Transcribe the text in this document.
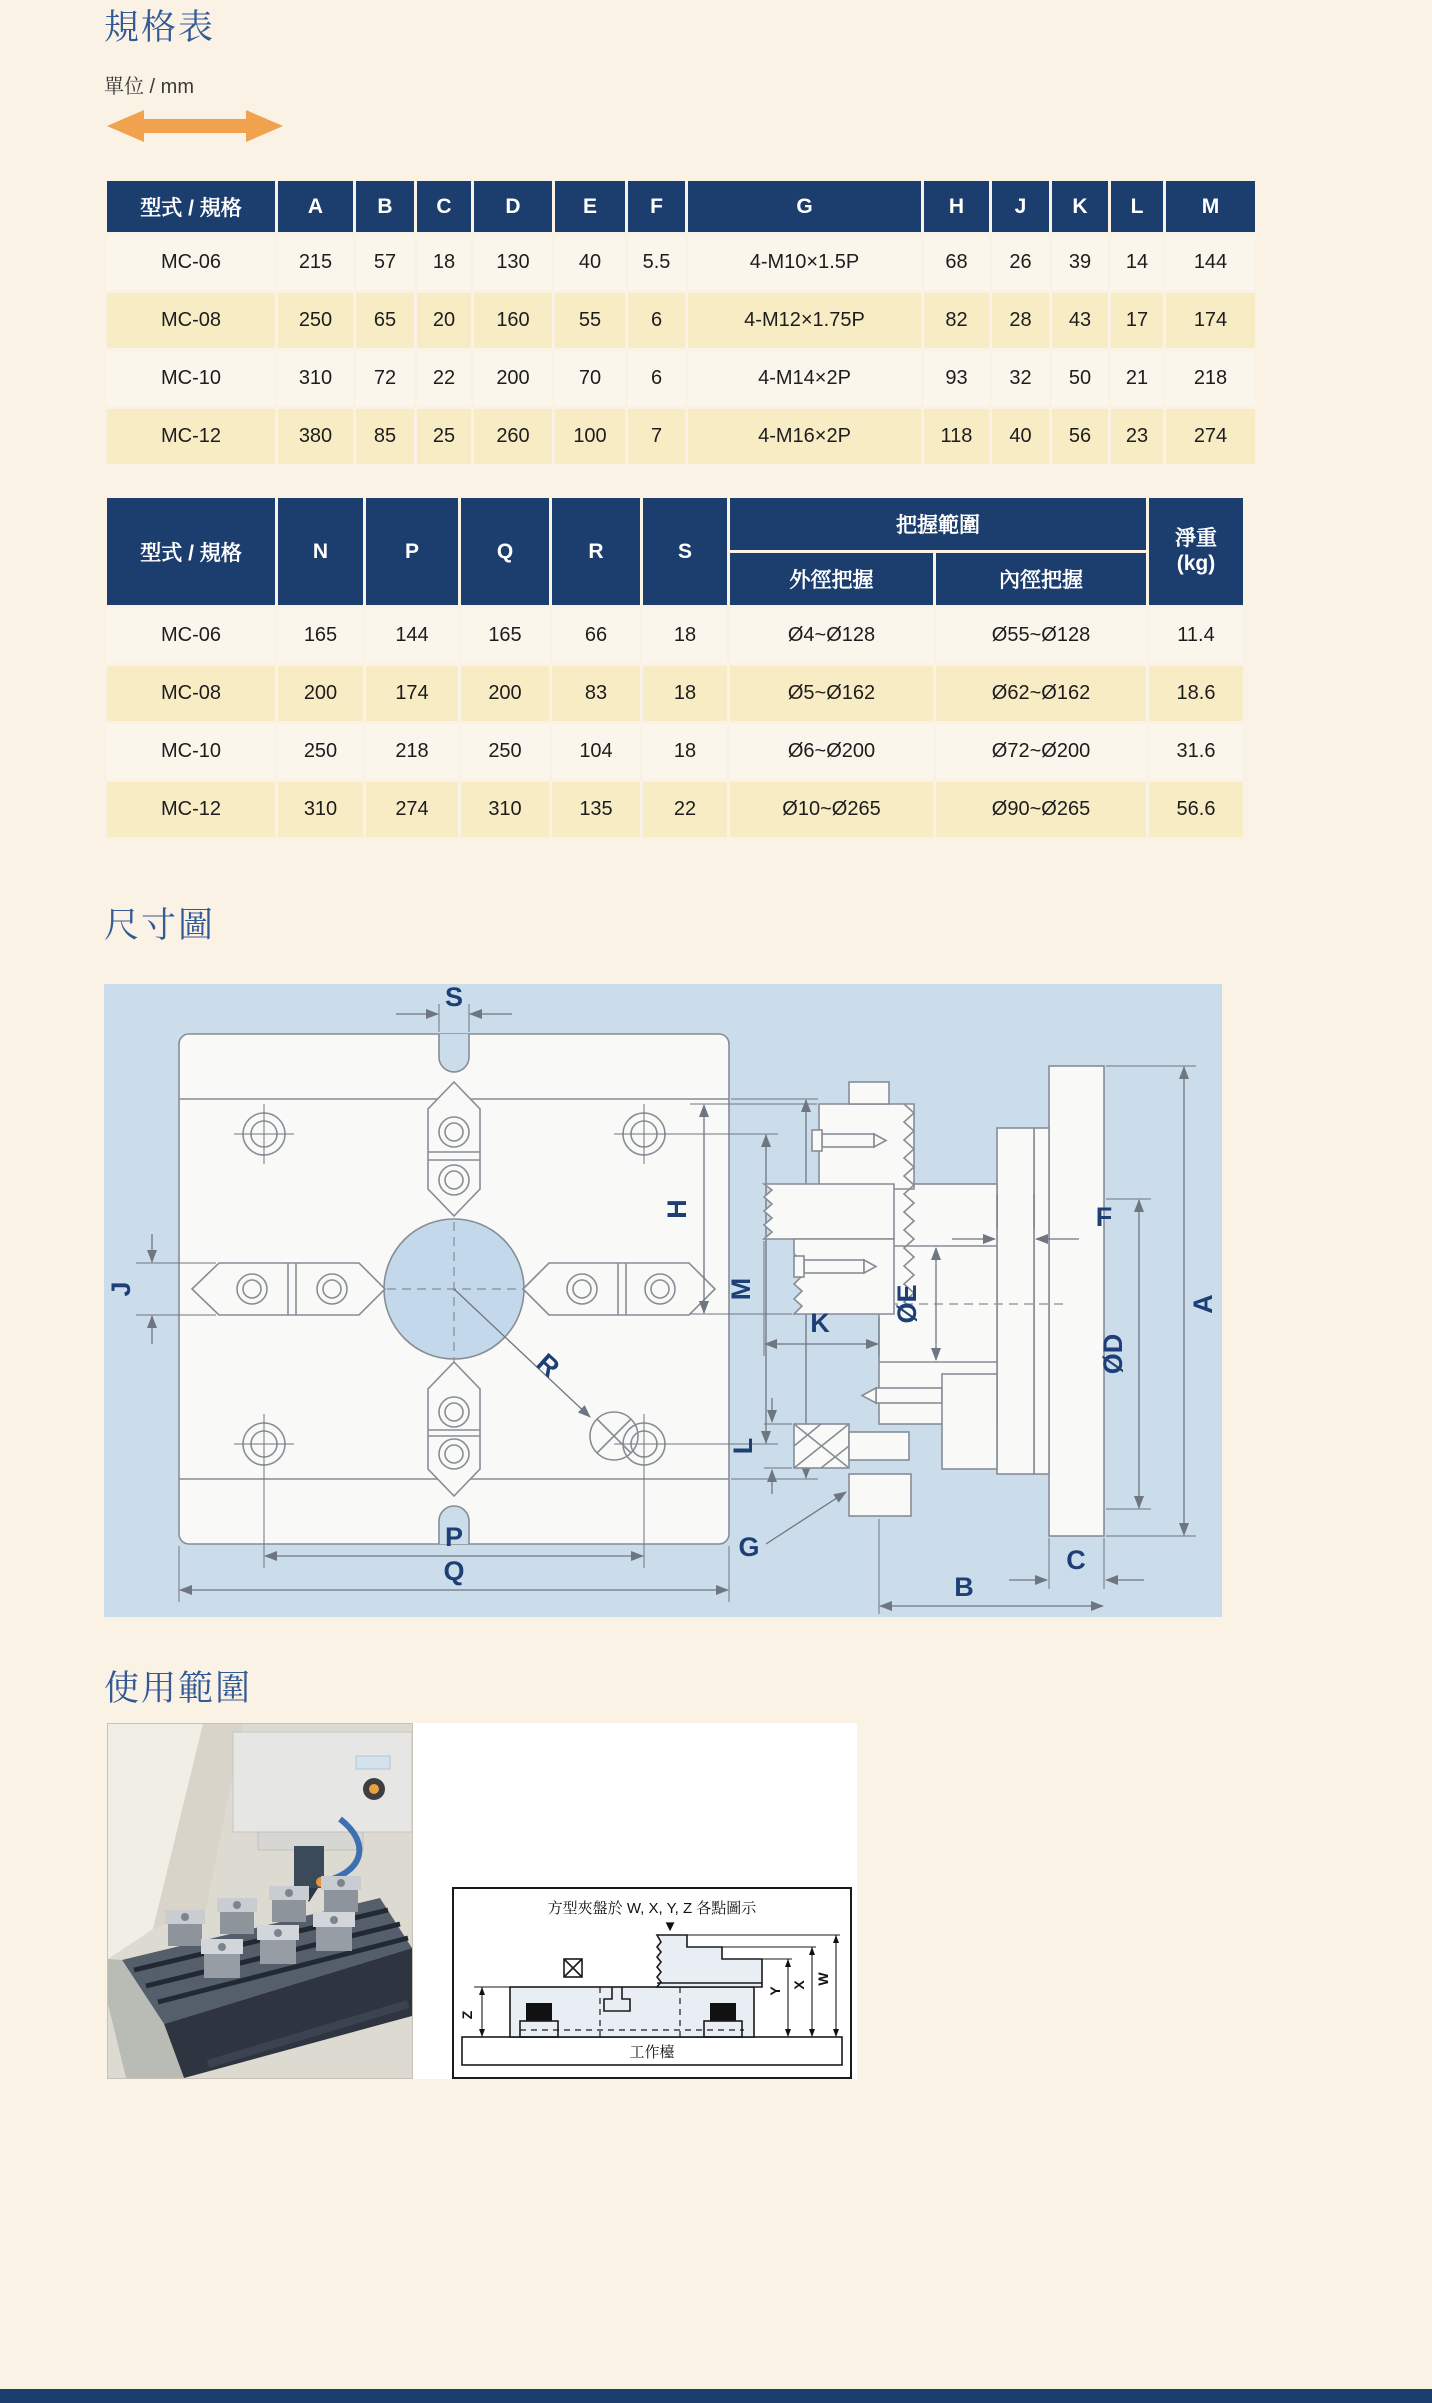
規格表
單位 / mm
型式 / 規格	A	B	C	D	E	F	G	H	J	K	L	M
MC-06	215	57	18	130	40	5.5	4-M10×1.5P	68	26	39	14	144
MC-08	250	65	20	160	55	6	4-M12×1.75P	82	28	43	17	174
MC-10	310	72	22	200	70	6	4-M14×2P	93	32	50	21	218
MC-12	380	85	25	260	100	7	4-M16×2P	118	40	56	23	274
型式 / 規格	N	P	Q	R	S	把握範圍		淨重
(kg)

						外徑把握	內徑把握	
MC-06	165	144	165	66	18	Ø4~Ø128	Ø55~Ø128	11.4
MC-08	200	174	200	83	18	Ø5~Ø162	Ø62~Ø162	18.6
MC-10	250	218	250	104	18	Ø6~Ø200	Ø72~Ø200	31.6
MC-12	310	274	310	135	22	Ø10~Ø265	Ø90~Ø265	56.6
尺寸圖
S
J	M
R
P
Q
H
K
F
ØE
ØD
A
L
G	C
B
使用範圍
方型夾盤於 W, X, Y, Z 各點圖示
▼
工作檯
Z
Y
X W
